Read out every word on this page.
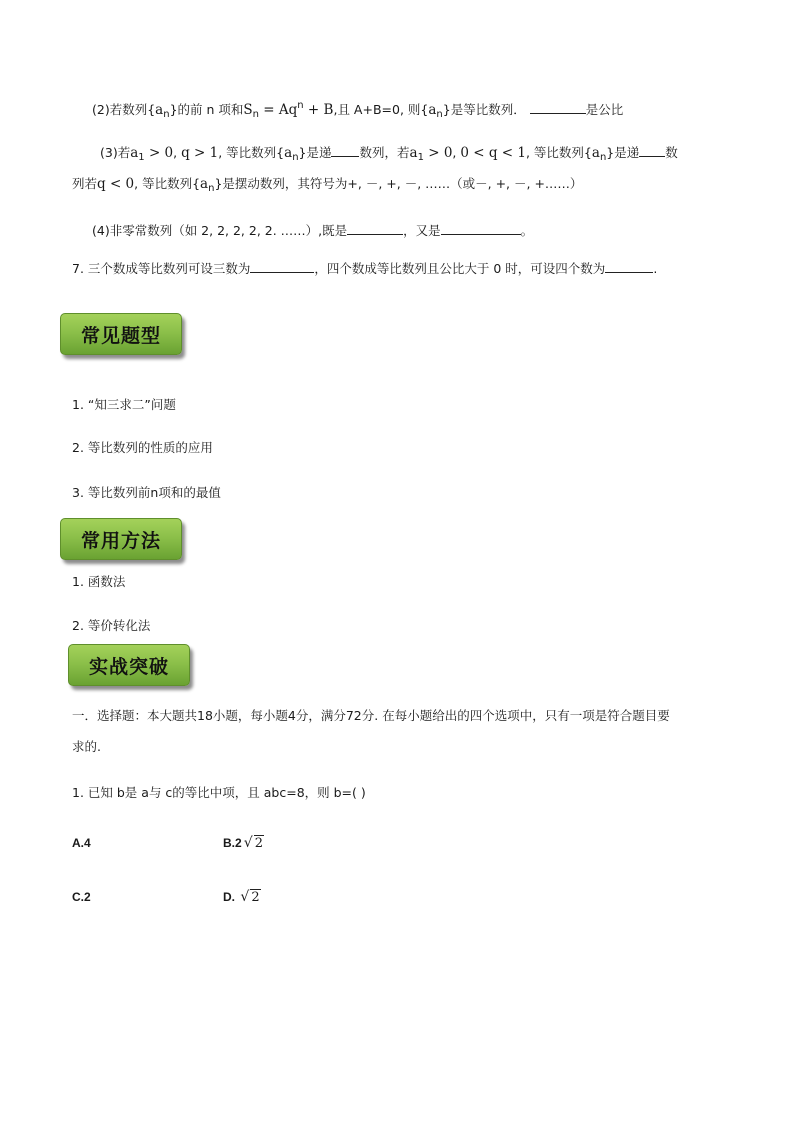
(2)若数列$\{a_n\}$的前 n 项和$S_n = Aq^n + B$,且 A+B=0, 则$\{a_n\}$是等比数列．	是公比
(3)若$a_1 > 0$, q > 1, 等比数列$\{a_n\}$是递 数列，若$a_1 > 0$, 0 < q < 1, 等比数列$\{a_n\}$是递 数
列若q < 0, 等比数列$\{a_n\}$是摆动数列，其符号为+, －, +, －, ……（或－, +, －, +……）
(4)非零常数列（如 2, 2, 2, 2, 2. ……）,既是	，又是	。
7. 三个数成等比数列可设三数为	，四个数成等比数列且公比大于 0 时，可设四个数为	.
常见题型
1. “知三求二”问题
2. 等比数列的性质的应用
3. 等比数列前n项和的最值
常用方法
1. 函数法
2. 等价转化法
实战突破
一．选择题：本大题共18小题，每小题4分，满分72分. 在每小题给出的四个选项中，只有一项是符合题目要
求的.
1. 已知 b是 a与 c的等比中项，且 abc=8，则 b=( )
A.4	B.2 √ 2
C.2	D. √ 2
